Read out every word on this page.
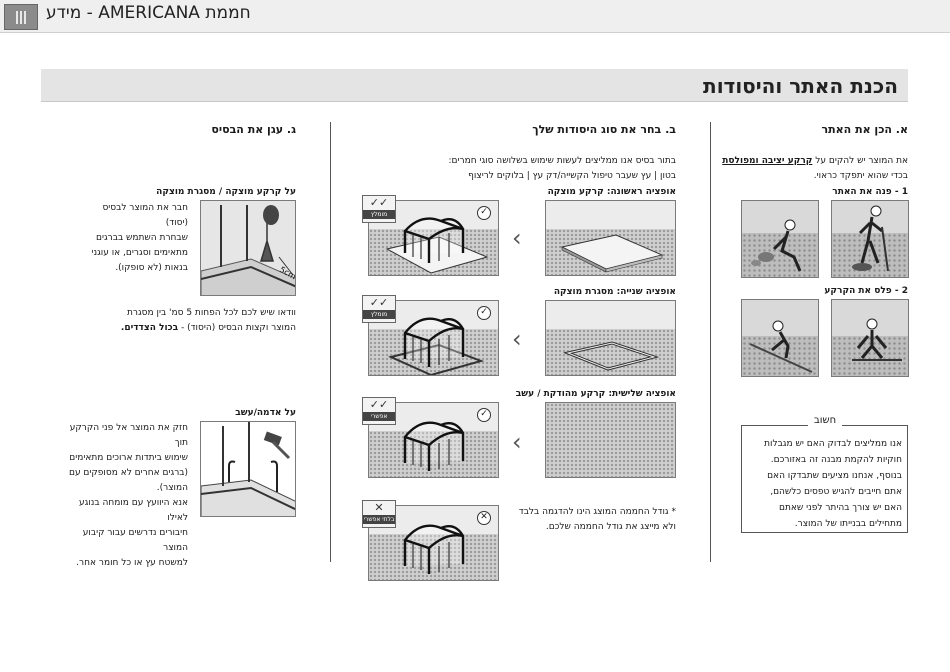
מידע - AMERICANA חממת
הכנת האתר והיסודות
א. הכן את האתר
את המוצר יש להקים על קרקע יציבה ומפולסת
בכדי שהוא יתפקד כראוי.
1 - פנה את האתר
2 - פלס את הקרקע
חשוב
אנו ממליצים לבדוק האם יש מגבלות
חוקיות להקמת מבנה זה באזורכם.
בנוסף, אנחנו מציעים שתבדקו האם
אתם חייבים להגיש טפסים כלשהם,
האם יש צורך בהיתר לפני שאתם
מתחילים בבנייתו של המוצר.
ב. בחר את סוג היסודות שלך
בתור בסיס אנו ממליצים לעשות שימוש בשלושה סוגי חמרים:
בטון | עץ שעבר טיפול הקשייה/דק עץ | בלוקים לריצוף
אופציה ראשונה: קרקע מוצקה
‹
✓
✓✓
מומלץ
אופציה שנייה: מסגרת מוצקה
‹
✓
✓✓
מומלץ
אופציה שלישית: קרקע מהודקת / עשב
‹
✓
✓✓
אפשרי
* גודל החממה המוצג הינו להדגמה בלבד
ולא מייצג את גודל החממה שלכם.
✕
✕
בלתי אפשרי
ג. עגן את הבסיס
על קרקע מוצקה / מסגרת מוצקה
חבר את המוצר לבסיס (יסוד)
שבחרת השתמש בברגים
מתאימים וסגרים, או עוגני
בנאות (לא סופקו).	5cm
וודאו שיש לכם לכל הפחות 5 סמ' בין מסגרת
המוצר וקצות הבסיס (היסוד) - בכול הצדדים.
על אדמה/עשב
חזק את המוצר אל פני הקרקע תוך
שימוש ביתדות ארוכים מתאימים
(ברגים אחרים לא מסופקים עם
המוצר).
אנא היוועץ עם מומחה בנוגע לאילו
חיבורים נדרשים עבור קיבוע המוצר
למשטח עץ או כל חומר אחר.
